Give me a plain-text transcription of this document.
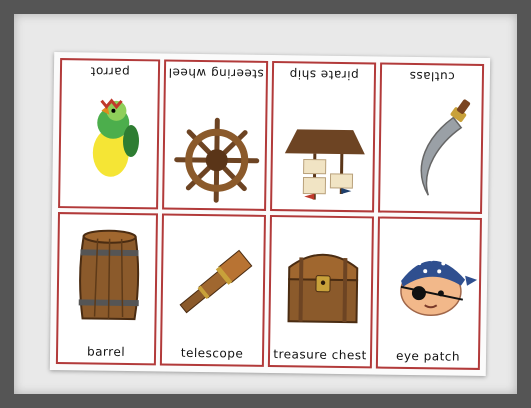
parrot	steering wheel	pirate ship	cutlass
barrel	telescope	treasure chest	eye patch
